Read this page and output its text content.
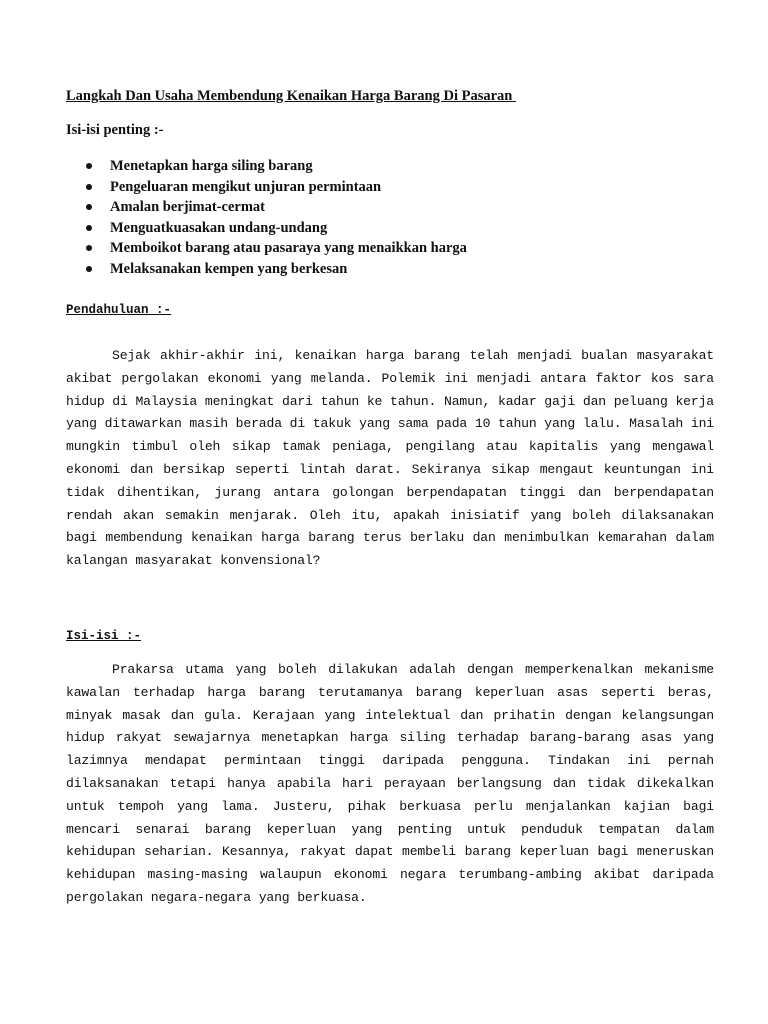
Langkah Dan Usaha Membendung Kenaikan Harga Barang Di Pasaran
Isi-isi penting :-
Menetapkan harga siling barang
Pengeluaran mengikut unjuran permintaan
Amalan berjimat-cermat
Menguatkuasakan undang-undang
Memboikot barang atau pasaraya yang menaikkan harga
Melaksanakan kempen yang berkesan
Pendahuluan :-

Sejak akhir-akhir ini, kenaikan harga barang telah menjadi bualan masyarakat akibat pergolakan ekonomi yang melanda. Polemik ini menjadi antara faktor kos sara hidup di Malaysia meningkat dari tahun ke tahun. Namun, kadar gaji dan peluang kerja yang ditawarkan masih berada di takuk yang sama pada 10 tahun yang lalu. Masalah ini mungkin timbul oleh sikap tamak peniaga, pengilang atau kapitalis yang mengawal ekonomi dan bersikap seperti lintah darat. Sekiranya sikap mengaut keuntungan ini tidak dihentikan, jurang antara golongan berpendapatan tinggi dan berpendapatan rendah akan semakin menjarak. Oleh itu, apakah inisiatif yang boleh dilaksanakan bagi membendung kenaikan harga barang terus berlaku dan menimbulkan kemarahan dalam kalangan masyarakat konvensional?

Isi-isi :-

Prakarsa utama yang boleh dilakukan adalah dengan memperkenalkan mekanisme kawalan terhadap harga barang terutamanya barang keperluan asas seperti beras, minyak masak dan gula. Kerajaan yang intelektual dan prihatin dengan kelangsungan hidup rakyat sewajarnya menetapkan harga siling terhadap barang-barang asas yang lazimnya mendapat permintaan tinggi daripada pengguna. Tindakan ini pernah dilaksanakan tetapi hanya apabila hari perayaan berlangsung dan tidak dikekalkan untuk tempoh yang lama. Justeru, pihak berkuasa perlu menjalankan kajian bagi mencari senarai barang keperluan yang penting untuk penduduk tempatan dalam kehidupan seharian. Kesannya, rakyat dapat membeli barang keperluan bagi meneruskan kehidupan masing-masing walaupun ekonomi negara terumbang-ambing akibat daripada pergolakan negara-negara yang berkuasa.
